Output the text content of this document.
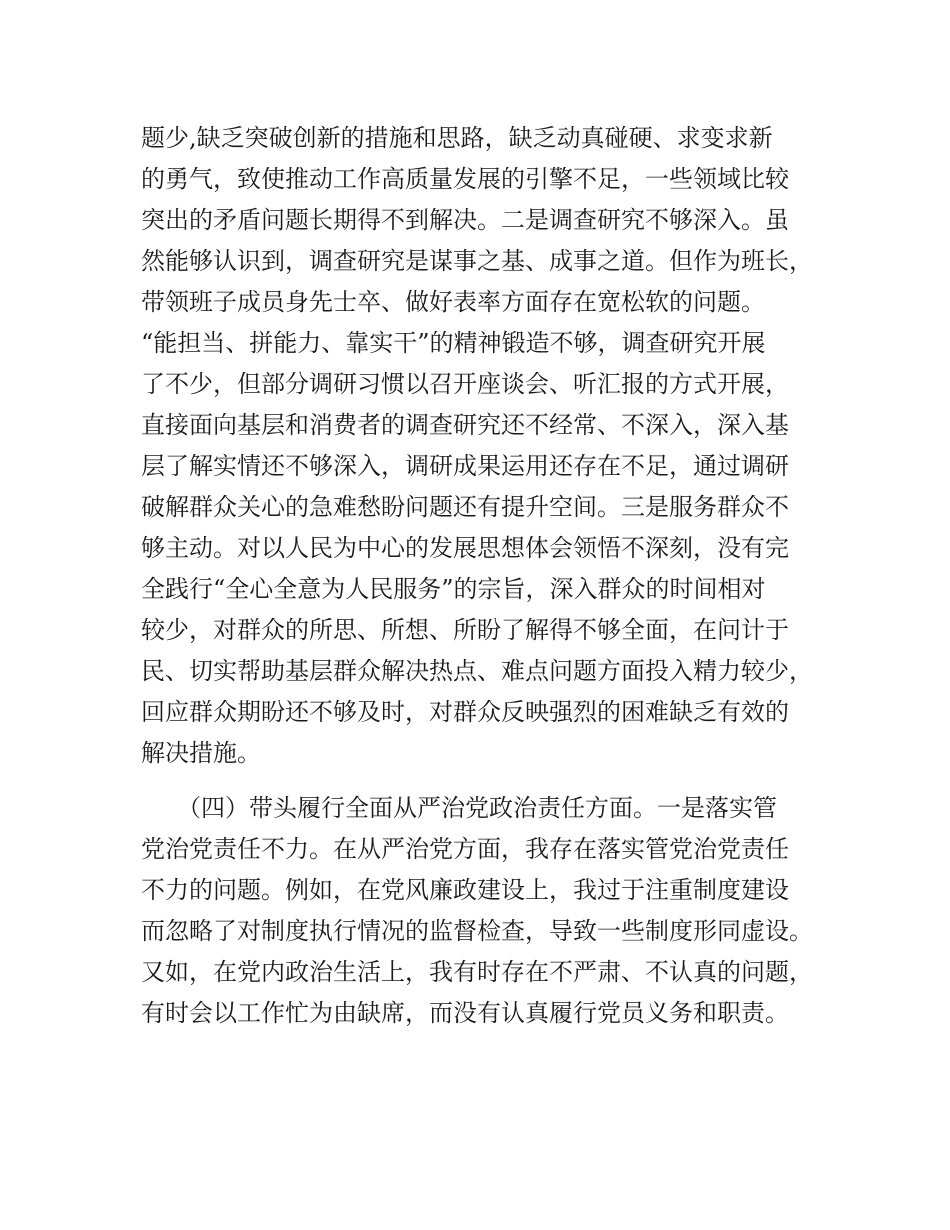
题少,缺乏突破创新的措施和思路，缺乏动真碰硬、求变求新
的勇气，致使推动工作高质量发展的引擎不足，一些领域比较
突出的矛盾问题长期得不到解决。二是调查研究不够深入。虽
然能够认识到，调查研究是谋事之基、成事之道。但作为班长，
带领班子成员身先士卒、做好表率方面存在宽松软的问题。
“能担当、拼能力、靠实干”的精神锻造不够，调查研究开展
了不少，但部分调研习惯以召开座谈会、听汇报的方式开展，
直接面向基层和消费者的调查研究还不经常、不深入，深入基
层了解实情还不够深入，调研成果运用还存在不足，通过调研
破解群众关心的急难愁盼问题还有提升空间。三是服务群众不
够主动。对以人民为中心的发展思想体会领悟不深刻，没有完
全践行“全心全意为人民服务”的宗旨，深入群众的时间相对
较少，对群众的所思、所想、所盼了解得不够全面，在问计于
民、切实帮助基层群众解决热点、难点问题方面投入精力较少，
回应群众期盼还不够及时，对群众反映强烈的困难缺乏有效的
解决措施。
　　（四）带头履行全面从严治党政治责任方面。一是落实管
党治党责任不力。在从严治党方面，我存在落实管党治党责任
不力的问题。例如，在党风廉政建设上，我过于注重制度建设
而忽略了对制度执行情况的监督检查，导致一些制度形同虚设。
又如，在党内政治生活上，我有时存在不严肃、不认真的问题，
有时会以工作忙为由缺席，而没有认真履行党员义务和职责。
